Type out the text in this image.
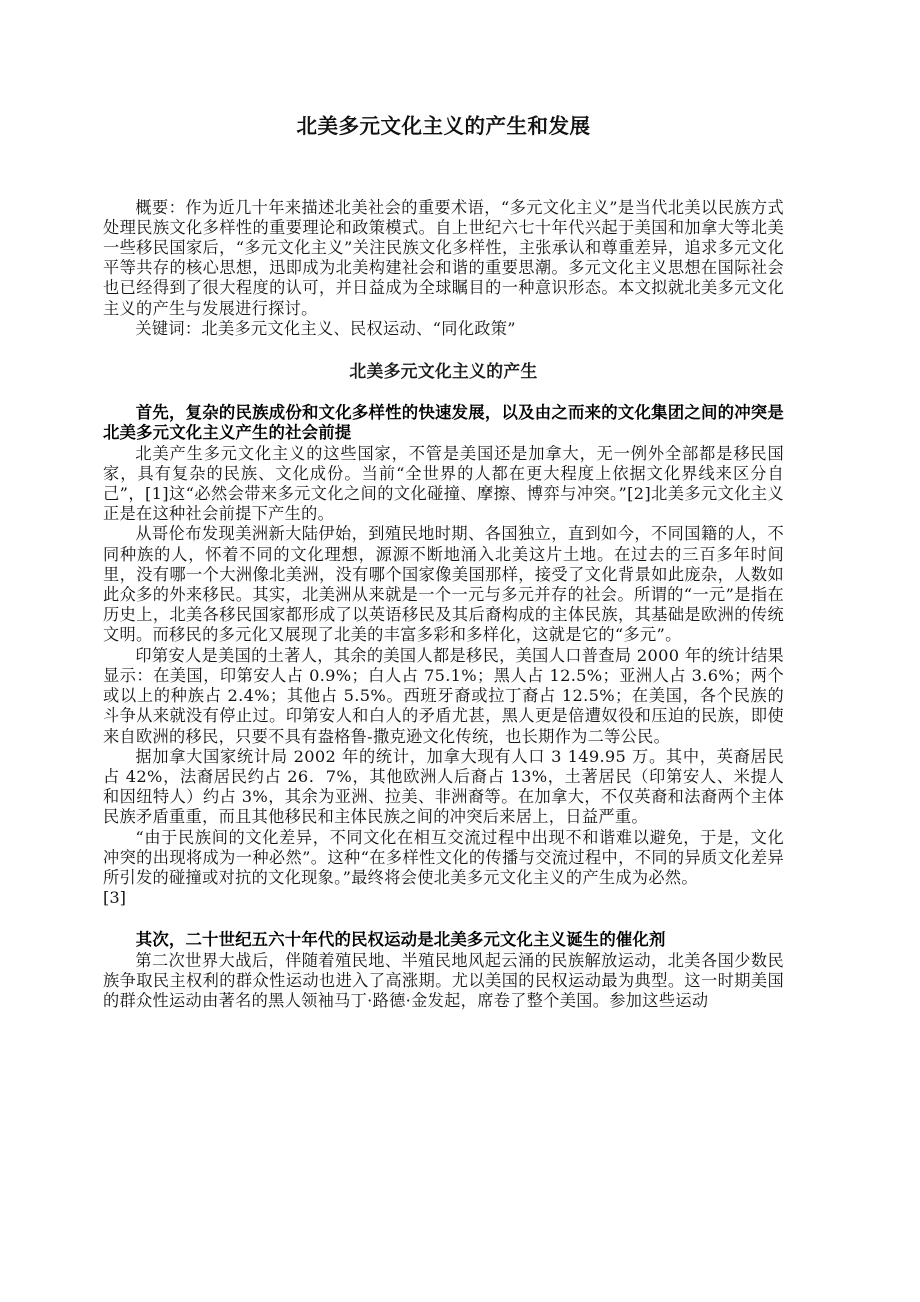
北美多元文化主义的产生和发展

概要：作为近几十年来描述北美社会的重要术语，“多元文化主义”是当代北美以民族方式处理民族文化多样性的重要理论和政策模式。自上世纪六七十年代兴起于美国和加拿大等北美一些移民国家后，“多元文化主义”关注民族文化多样性，主张承认和尊重差异，追求多元文化平等共存的核心思想，迅即成为北美构建社会和谐的重要思潮。多元文化主义思想在国际社会也已经得到了很大程度的认可，并日益成为全球瞩目的一种意识形态。本文拟就北美多元文化主义的产生与发展进行探讨。

关键词：北美多元文化主义、民权运动、“同化政策”

北美多元文化主义的产生
首先，复杂的民族成份和文化多样性的快速发展，以及由之而来的文化集团之间的冲突是北美多元文化主义产生的社会前提

北美产生多元文化主义的这些国家，不管是美国还是加拿大，无一例外全部都是移民国家，具有复杂的民族、文化成份。当前“全世界的人都在更大程度上依据文化界线来区分自己”，[1]这“必然会带来多元文化之间的文化碰撞、摩擦、博弈与冲突。”[2]北美多元文化主义正是在这种社会前提下产生的。

从哥伦布发现美洲新大陆伊始，到殖民地时期、各国独立，直到如今，不同国籍的人，不同种族的人，怀着不同的文化理想，源源不断地涌入北美这片土地。在过去的三百多年时间里，没有哪一个大洲像北美洲，没有哪个国家像美国那样，接受了文化背景如此庞杂，人数如此众多的外来移民。其实，北美洲从来就是一个一元与多元并存的社会。所谓的“一元”是指在历史上，北美各移民国家都形成了以英语移民及其后裔构成的主体民族，其基础是欧洲的传统文明。而移民的多元化又展现了北美的丰富多彩和多样化，这就是它的“多元”。

印第安人是美国的土著人，其余的美国人都是移民，美国人口普查局 2000 年的统计结果显示：在美国，印第安人占 0.9%；白人占 75.1%；黑人占 12.5%；亚洲人占 3.6%；两个或以上的种族占 2.4%；其他占 5.5%。西班牙裔或拉丁裔占 12.5%；在美国，各个民族的斗争从来就没有停止过。印第安人和白人的矛盾尤甚，黑人更是倍遭奴役和压迫的民族，即使来自欧洲的移民，只要不具有盎格鲁-撒克逊文化传统，也长期作为二等公民。

据加拿大国家统计局 2002 年的统计，加拿大现有人口 3 149.95 万。其中，英裔居民占 42%，法裔居民约占 26．7%，其他欧洲人后裔占 13%，土著居民（印第安人、米提人和因纽特人）约占 3%，其余为亚洲、拉美、非洲裔等。在加拿大，不仅英裔和法裔两个主体民族矛盾重重，而且其他移民和主体民族之间的冲突后来居上，日益严重。

“由于民族间的文化差异，不同文化在相互交流过程中出现不和谐难以避免，于是，文化冲突的出现将成为一种必然”。这种“在多样性文化的传播与交流过程中，不同的异质文化差异所引发的碰撞或对抗的文化现象。”最终将会使北美多元文化主义的产生成为必然。

[3]

其次，二十世纪五六十年代的民权运动是北美多元文化主义诞生的催化剂

第二次世界大战后，伴随着殖民地、半殖民地风起云涌的民族解放运动，北美各国少数民族争取民主权利的群众性运动也进入了高涨期。尤以美国的民权运动最为典型。这一时期美国的群众性运动由著名的黑人领袖马丁·路德·金发起，席卷了整个美国。参加这些运动
